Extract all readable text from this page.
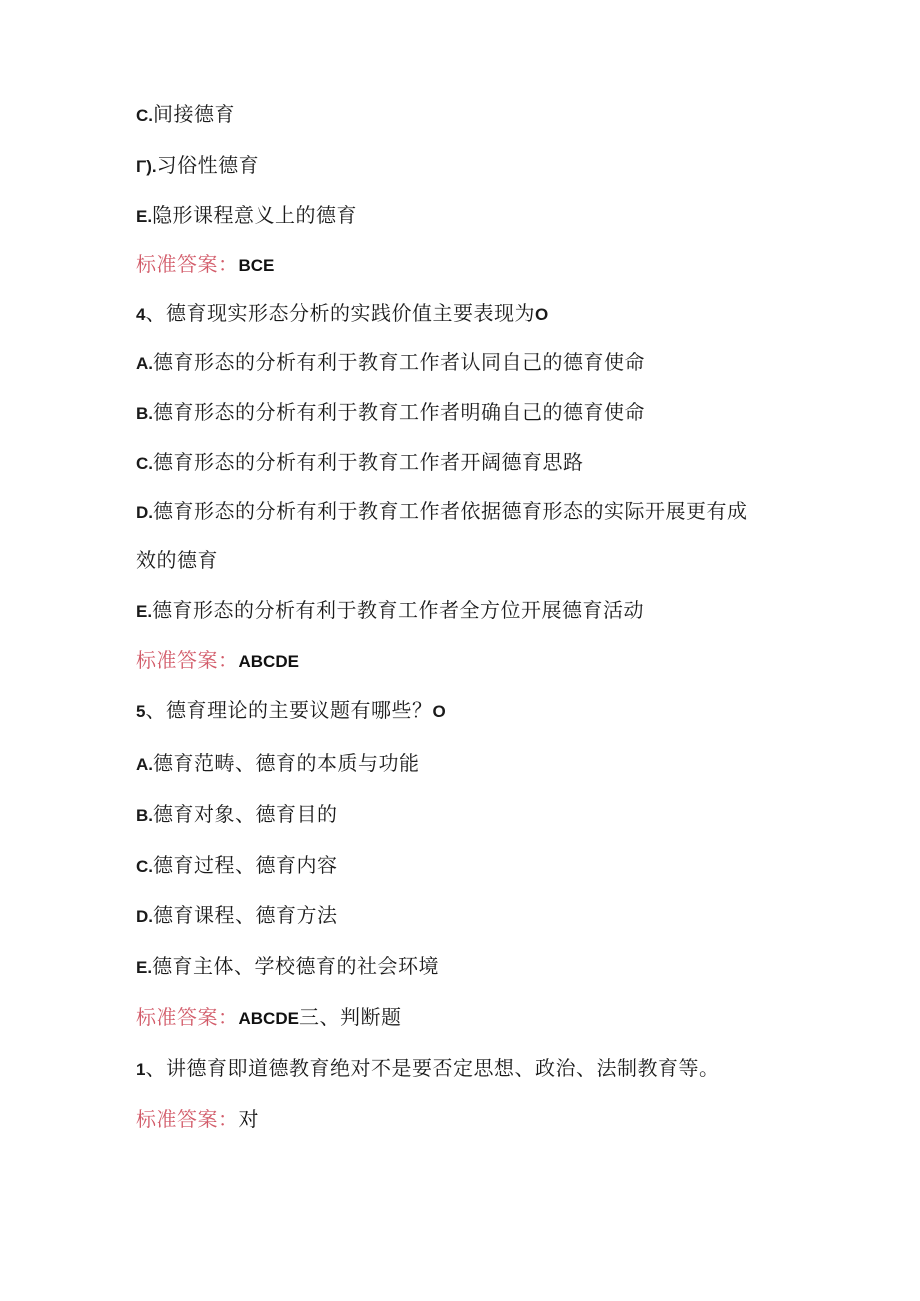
C.间接德育
Γ).习俗性德育
E.隐形课程意义上的德育
标准答案：BCE
4、德育现实形态分析的实践价值主要表现为O
A.德育形态的分析有利于教育工作者认同自己的德育使命
B.德育形态的分析有利于教育工作者明确自己的德育使命
C.德育形态的分析有利于教育工作者开阔德育思路
D.德育形态的分析有利于教育工作者依据德育形态的实际开展更有成
效的德育
E.德育形态的分析有利于教育工作者全方位开展德育活动
标准答案：ABCDE
5、德育理论的主要议题有哪些？O
A.德育范畴、德育的本质与功能
B.德育对象、德育目的
C.德育过程、德育内容
D.德育课程、德育方法
E.德育主体、学校德育的社会环境
标准答案：ABCDE三、判断题
1、讲德育即道德教育绝对不是要否定思想、政治、法制教育等。
标准答案：对
